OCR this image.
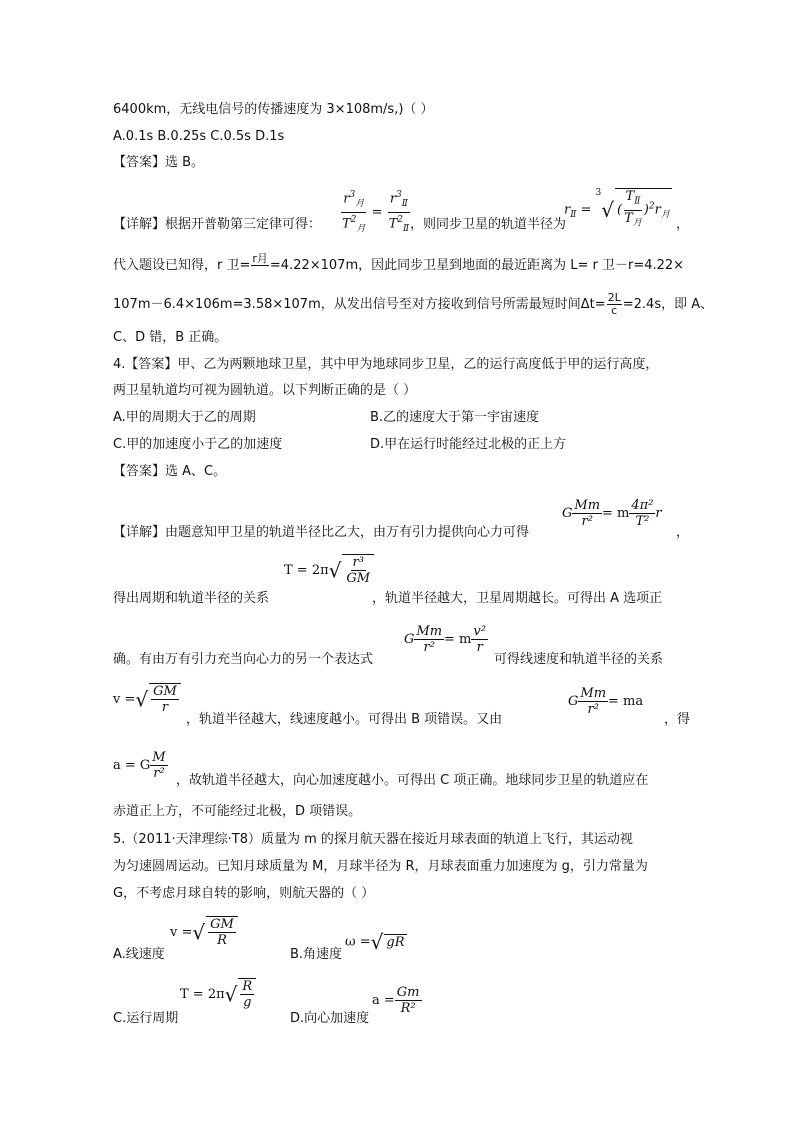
6400km，无线电信号的传播速度为 3×108m/s,)（ ）
A.0.1s B.0.25s C.0.5s D.1s
【答案】选 B。
【详解】根据开普勒第三定律可得： $\frac{r^3_月}{T^2_月} = \frac{r^3_Ⅱ}{T^2_Ⅱ}$
，则同步卫星的轨道半径为
$r_Ⅱ = ^3√$ ( $\frac{T_Ⅱ}{T_月} )^2r_月$
，
代入题设已知得，r 卫= r月 =4.22×107m，因此同步卫星到地面的最近距离为 L= r 卫－r=4.22×
107m－6.4×106m=3.58×107m，从发出信号至对方接收到信号所需最短时间$\Delta t= \frac{2L}{c} =2.4s$，即 A、
C、D 错，B 正确。
4.【答案】甲、乙为两颗地球卫星，其中甲为地球同步卫星，乙的运行高度低于甲的运行高度，
两卫星轨道均可视为圆轨道。以下判断正确的是（ ）
A.甲的周期大于乙的周期	B.乙的速度大于第一宇宙速度
C.甲的加速度小于乙的加速度	D.甲在运行时能经过北极的正上方
【答案】选 A、C。
【详解】由题意知甲卫星的轨道半径比乙大，由万有引力提供向心力可得
G $\frac{Mm}{\text{r²}} = m \frac{\text{4π²}}{\text{T²}}$ r
，
得出周期和轨道半径的关系
$T = 2\pi√ \frac{\text{r³}}{GM}$
，轨道半径越大，卫星周期越长。可得出 A 选项正
确。有由万有引力充当向心力的另一个表达式
G $\frac{Mm}{\text{r²}} = m \frac{\text{v²}}{r}$
可得线速度和轨道半径的关系
v =√ $\frac{GM}{r}$
，轨道半径越大，线速度越小。可得出 B 项错误。又由
G $\frac{Mm}{\text{r²}}$ = ma
，得
a = G $\frac{M}{\text{r²}}$ ，故轨道半径越大，向心加速度越小。可得出 C 项正确。地球同步卫星的轨道应在
赤道正上方，不可能经过北极，D 项错误。
5.（2011·天津理综·T8）质量为 m 的探月航天器在接近月球表面的轨道上飞行，其运动视
为匀速圆周运动。已知月球质量为 M，月球半径为 R，月球表面重力加速度为 g，引力常量为
G，不考虑月球自转的影响，则航天器的（ ）
A.线速度
v =√ $\frac{GM}{R}$
B.角速度
ω =√ gR
C.运行周期
$T = 2\pi√ \frac{R}{g}$
D.向心加速度
$a = \frac{Gm}{\text{R²}}$
